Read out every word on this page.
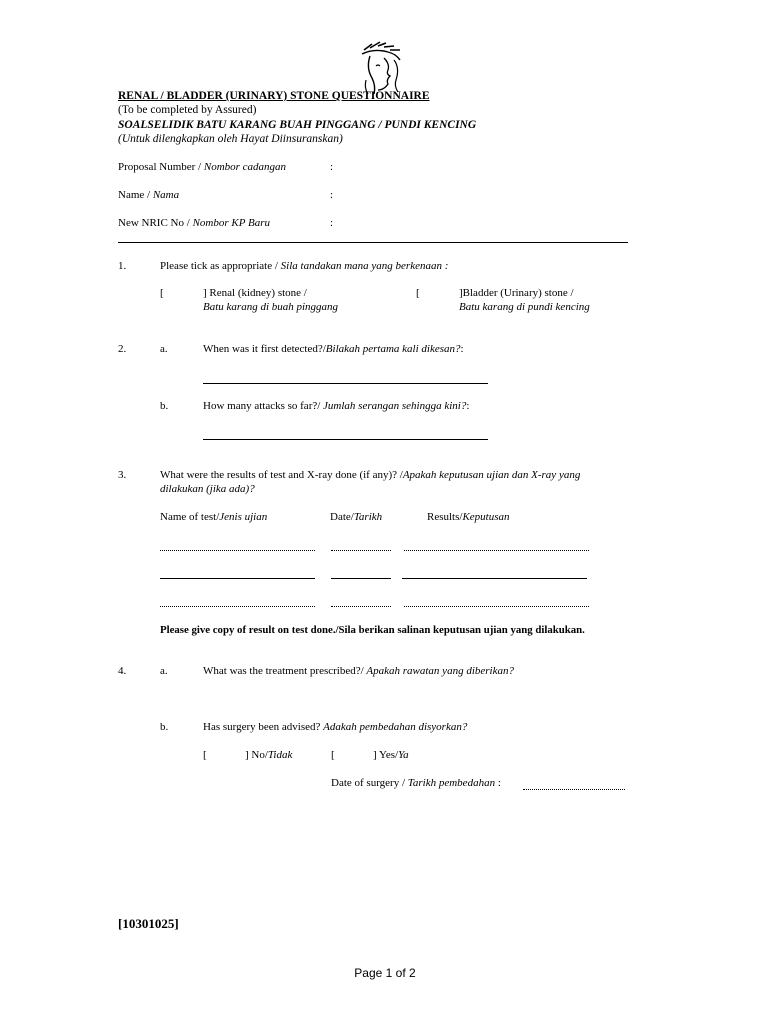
RENAL / BLADDER (URINARY) STONE QUESTIONNAIRE
(To be completed by Assured)
SOALSELIDIK BATU KARANG BUAH PINGGANG / PUNDI KENCING
(Untuk dilengkapkan oleh Hayat Diinsuranskan)
Proposal Number / Nombor cadangan	:
Name / Nama	:
New NRIC No / Nombor KP Baru	:
1.	Please tick as appropriate / Sila tandakan mana yang berkenaan :
[	] Renal (kidney) stone /
Batu karang di buah pinggang
[	]Bladder (Urinary) stone /
Batu karang di pundi kencing
2.	a.	When was it first detected?/Bilakah pertama kali dikesan?:
b.	How many attacks so far?/ Jumlah serangan sehingga kini?:
3.	What were the results of test and X-ray done (if any)? /Apakah keputusan ujian dan X-ray yang
dilakukan (jika ada)?
Name of test/Jenis ujian	Date/Tarikh	Results/Keputusan
Please give copy of result on test done./Sila berikan salinan keputusan ujian yang dilakukan.
4.	a.	What was the treatment prescribed?/ Apakah rawatan yang diberikan?
b.	Has surgery been advised? Adakah pembedahan disyorkan?
[	] No/Tidak	[	] Yes/Ya
Date of surgery / Tarikh pembedahan :
[10301025]
Page 1 of 2
